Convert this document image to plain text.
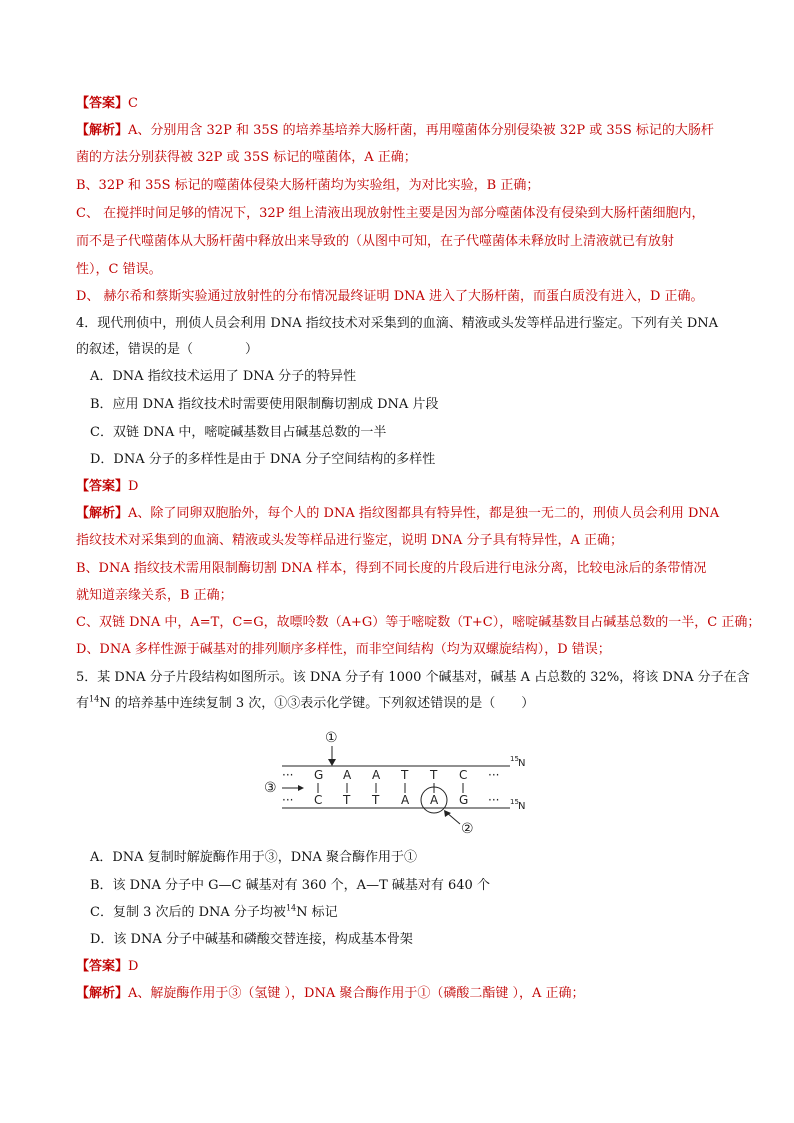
【答案】C
【解析】A、分别用含 32P 和 35S 的培养基培养大肠杆菌，再用噬菌体分别侵染被 32P 或 35S 标记的大肠杆
菌的方法分别获得被 32P 或 35S 标记的噬菌体，A 正确；
B、32P 和 35S 标记的噬菌体侵染大肠杆菌均为实验组，为对比实验，B 正确；
C、 在搅拌时间足够的情况下，32P 组上清液出现放射性主要是因为部分噬菌体没有侵染到大肠杆菌细胞内，
而不是子代噬菌体从大肠杆菌中释放出来导致的（从图中可知，在子代噬菌体未释放时上清液就已有放射
性），C 错误。
D、 赫尔希和蔡斯实验通过放射性的分布情况最终证明 DNA 进入了大肠杆菌，而蛋白质没有进入，D 正确。
4．现代刑侦中，刑侦人员会利用 DNA 指纹技术对采集到的血滴、精液或头发等样品进行鉴定。下列有关 DNA
的叙述，错误的是（　　　　）
A．DNA 指纹技术运用了 DNA 分子的特异性
B．应用 DNA 指纹技术时需要使用限制酶切割成 DNA 片段
C．双链 DNA 中，嘧啶碱基数目占碱基总数的一半
D．DNA 分子的多样性是由于 DNA 分子空间结构的多样性
【答案】D
【解析】A、除了同卵双胞胎外，每个人的 DNA 指纹图都具有特异性，都是独一无二的，刑侦人员会利用 DNA
指纹技术对采集到的血滴、精液或头发等样品进行鉴定，说明 DNA 分子具有特异性，A 正确；
B、DNA 指纹技术需用限制酶切割 DNA 样本，得到不同长度的片段后进行电泳分离，比较电泳后的条带情况
就知道亲缘关系，B 正确；
C、双链 DNA 中，A=T，C=G，故嘌呤数（A+G）等于嘧啶数（T+C），嘧啶碱基数目占碱基总数的一半，C 正确；
D、DNA 多样性源于碱基对的排列顺序多样性，而非空间结构（均为双螺旋结构），D 错误；
5．某 DNA 分子片段结构如图所示。该 DNA 分子有 1000 个碱基对，碱基 A 占总数的 32%，将该 DNA 分子在含
有$^{14}$N 的培养基中连续复制 3 次，①③表示化学键。下列叙述错误的是（　　）
①
15 N
··· G A A T T C ···
③
··· C T T A A G ··· 15 N
②
A．DNA 复制时解旋酶作用于③，DNA 聚合酶作用于①
B．该 DNA 分子中 G—C 碱基对有 360 个，A—T 碱基对有 640 个
C．复制 3 次后的 DNA 分子均被$^{14}$N 标记
D．该 DNA 分子中碱基和磷酸交替连接，构成基本骨架
【答案】D
【解析】A、解旋酶作用于③（氢键 ），DNA 聚合酶作用于①（磷酸二酯键 ），A 正确；
